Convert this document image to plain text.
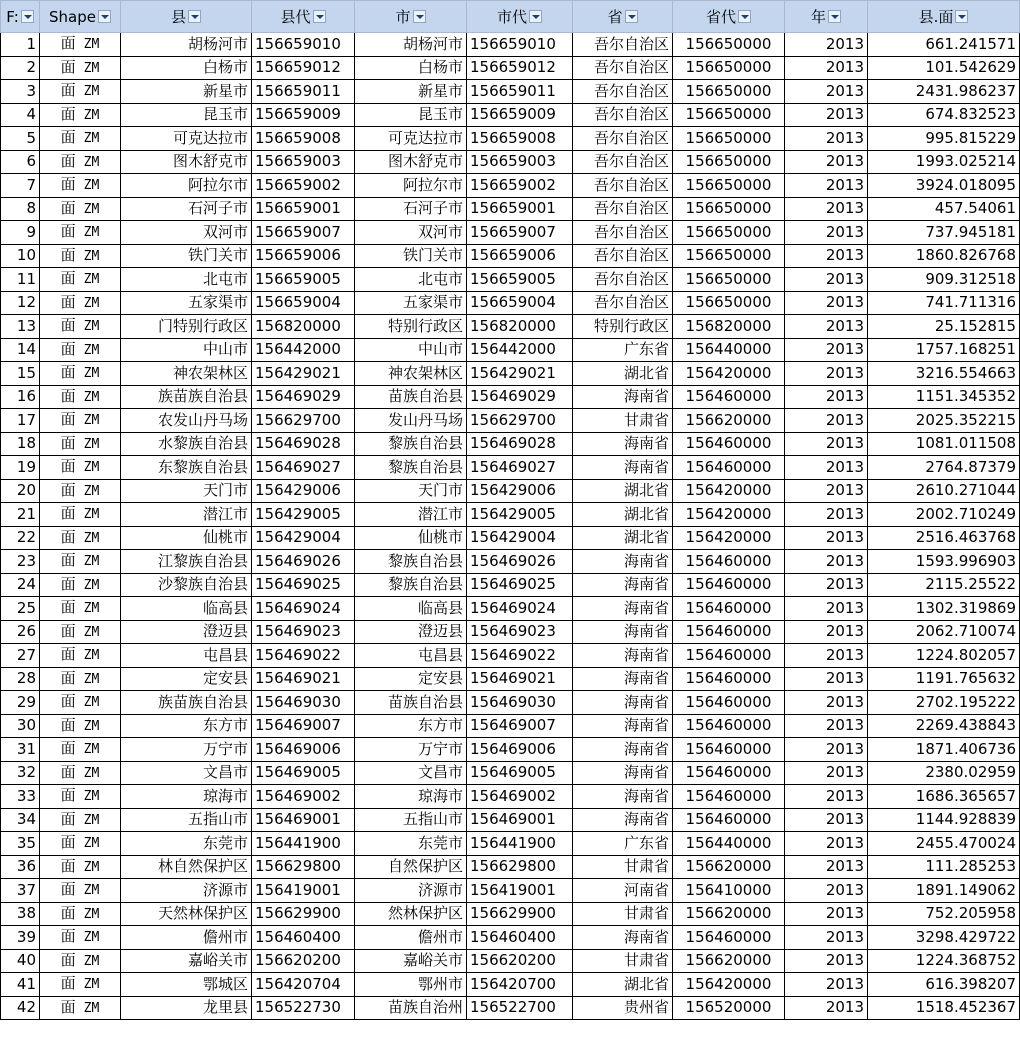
F:	Shape	县	县代	市	市代	省	省代	年	县.面
1	面 ZM	胡杨河市	156659010	胡杨河市	156659010	吾尔自治区	156650000	2013	661.241571
2	面 ZM	白杨市	156659012	白杨市	156659012	吾尔自治区	156650000	2013	101.542629
3	面 ZM	新星市	156659011	新星市	156659011	吾尔自治区	156650000	2013	2431.986237
4	面 ZM	昆玉市	156659009	昆玉市	156659009	吾尔自治区	156650000	2013	674.832523
5	面 ZM	可克达拉市	156659008	可克达拉市	156659008	吾尔自治区	156650000	2013	995.815229
6	面 ZM	图木舒克市	156659003	图木舒克市	156659003	吾尔自治区	156650000	2013	1993.025214
7	面 ZM	阿拉尔市	156659002	阿拉尔市	156659002	吾尔自治区	156650000	2013	3924.018095
8	面 ZM	石河子市	156659001	石河子市	156659001	吾尔自治区	156650000	2013	457.54061
9	面 ZM	双河市	156659007	双河市	156659007	吾尔自治区	156650000	2013	737.945181
10	面 ZM	铁门关市	156659006	铁门关市	156659006	吾尔自治区	156650000	2013	1860.826768
11	面 ZM	北屯市	156659005	北屯市	156659005	吾尔自治区	156650000	2013	909.312518
12	面 ZM	五家渠市	156659004	五家渠市	156659004	吾尔自治区	156650000	2013	741.711316
13	面 ZM	门特别行政区	156820000	特别行政区	156820000	特别行政区	156820000	2013	25.152815
14	面 ZM	中山市	156442000	中山市	156442000	广东省	156440000	2013	1757.168251
15	面 ZM	神农架林区	156429021	神农架林区	156429021	湖北省	156420000	2013	3216.554663
16	面 ZM	族苗族自治县	156469029	苗族自治县	156469029	海南省	156460000	2013	1151.345352
17	面 ZM	农发山丹马场	156629700	发山丹马场	156629700	甘肃省	156620000	2013	2025.352215
18	面 ZM	水黎族自治县	156469028	黎族自治县	156469028	海南省	156460000	2013	1081.011508
19	面 ZM	东黎族自治县	156469027	黎族自治县	156469027	海南省	156460000	2013	2764.87379
20	面 ZM	天门市	156429006	天门市	156429006	湖北省	156420000	2013	2610.271044
21	面 ZM	潜江市	156429005	潜江市	156429005	湖北省	156420000	2013	2002.710249
22	面 ZM	仙桃市	156429004	仙桃市	156429004	湖北省	156420000	2013	2516.463768
23	面 ZM	江黎族自治县	156469026	黎族自治县	156469026	海南省	156460000	2013	1593.996903
24	面 ZM	沙黎族自治县	156469025	黎族自治县	156469025	海南省	156460000	2013	2115.25522
25	面 ZM	临高县	156469024	临高县	156469024	海南省	156460000	2013	1302.319869
26	面 ZM	澄迈县	156469023	澄迈县	156469023	海南省	156460000	2013	2062.710074
27	面 ZM	屯昌县	156469022	屯昌县	156469022	海南省	156460000	2013	1224.802057
28	面 ZM	定安县	156469021	定安县	156469021	海南省	156460000	2013	1191.765632
29	面 ZM	族苗族自治县	156469030	苗族自治县	156469030	海南省	156460000	2013	2702.195222
30	面 ZM	东方市	156469007	东方市	156469007	海南省	156460000	2013	2269.438843
31	面 ZM	万宁市	156469006	万宁市	156469006	海南省	156460000	2013	1871.406736
32	面 ZM	文昌市	156469005	文昌市	156469005	海南省	156460000	2013	2380.02959
33	面 ZM	琼海市	156469002	琼海市	156469002	海南省	156460000	2013	1686.365657
34	面 ZM	五指山市	156469001	五指山市	156469001	海南省	156460000	2013	1144.928839
35	面 ZM	东莞市	156441900	东莞市	156441900	广东省	156440000	2013	2455.470024
36	面 ZM	林自然保护区	156629800	自然保护区	156629800	甘肃省	156620000	2013	111.285253
37	面 ZM	济源市	156419001	济源市	156419001	河南省	156410000	2013	1891.149062
38	面 ZM	天然林保护区	156629900	然林保护区	156629900	甘肃省	156620000	2013	752.205958
39	面 ZM	儋州市	156460400	儋州市	156460400	海南省	156460000	2013	3298.429722
40	面 ZM	嘉峪关市	156620200	嘉峪关市	156620200	甘肃省	156620000	2013	1224.368752
41	面 ZM	鄂城区	156420704	鄂州市	156420700	湖北省	156420000	2013	616.398207
42	面 ZM	龙里县	156522730	苗族自治州	156522700	贵州省	156520000	2013	1518.452367
